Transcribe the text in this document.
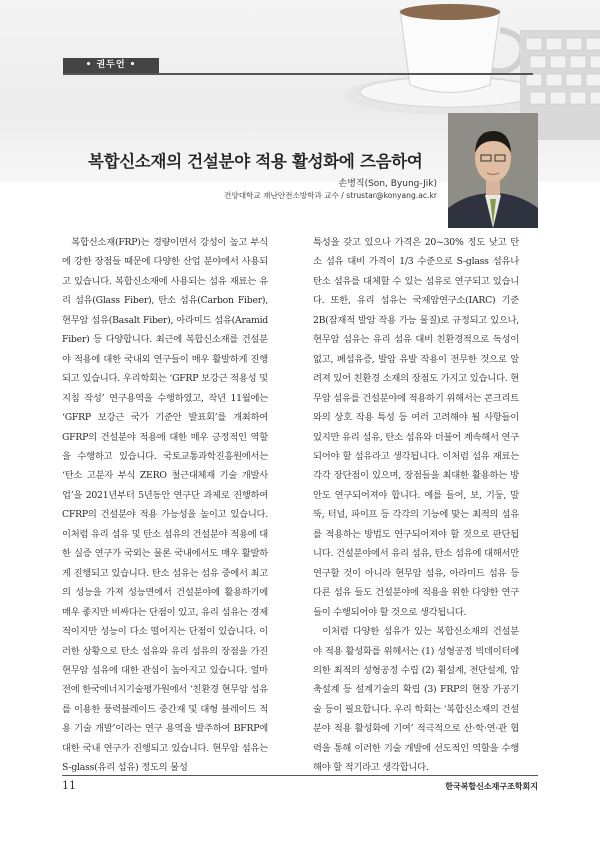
• 권두언 •
복합신소재의 건설분야 적용 활성화에 즈음하여
손병직(Son, Byung-Jik)
건양대학교 재난안전소방학과 교수 / strustar@konyang.ac.kr

복합신소재(FRP)는 경량이면서 강성이 높고 부식에 강한 장점들 때문에 다양한 산업 분야에서 사용되고 있습니다. 복합신소재에 사용되는 섬유 재료는 유리 섬유(Glass Fiber), 탄소 섬유(Carbon Fiber), 현무암 섬유(Basalt Fiber), 아라미드 섬유(Aramid Fiber) 등 다양합니다. 최근에 복합신소재를 건설분야 적용에 대한 국내외 연구들이 매우 활발하게 진행되고 있습니다. 우리학회는 ‘GFRP 보강근 적용성 및 지침 작성’ 연구용역을 수행하였고, 작년 11월에는 ‘GFRP 보강근 국가 기준안 발표회’를 개최하여 GFRP의 건설분야 적용에 대한 매우 긍정적인 역할을 수행하고 있습니다. 국토교통과학진흥원에서는 ‘탄소 고분자 부식 ZERO 철근대체재 기술 개발사업’을 2021년부터 5년동안 연구단 과제로 진행하여 CFRP의 건설분야 적용 가능성을 높이고 있습니다. 이처럼 유리 섬유 및 탄소 섬유의 건설분야 적용에 대한 실증 연구가 국외는 물론 국내에서도 매우 활발하게 진행되고 있습니다. 탄소 섬유는 섬유 중에서 최고의 성능을 가져 성능면에서 건설분야에 활용하기에 매우 좋지만 비싸다는 단점이 있고, 유리 섬유는 경제적이지만 성능이 다소 떨어지는 단점이 있습니다. 이러한 상황으로 탄소 섬유와 유리 섬유의 장점을 가진 현무암 섬유에 대한 관심이 높아지고 있습니다. 얼마전에 한국에너지기술평가원에서 ‘친환경 현무암 섬유를 이용한 풍력블레이드 중간재 및 대형 블레이드 적용 기술 개발’이라는 연구 용역을 발주하여 BFRP에 대한 국내 연구가 진행되고 있습니다. 현무암 섬유는 S-glass(유리 섬유) 정도의 물성

특성을 갖고 있으나 가격은 20~30% 정도 낮고 탄소 섬유 대비 가격이 1/3 수준으로 S-glass 섬유나 탄소 섬유를 대체할 수 있는 섬유로 연구되고 있습니다. 또한, 유리 섬유는 국제암연구소(IARC) 기준 2B(잠재적 발암 작용 가능 물질)로 규정되고 있으나, 현무암 섬유는 유리 섬유 대비 친환경적으로 독성이 없고, 폐섬유증, 발암 유발 작용이 전무한 것으로 알려져 있어 친환경 소재의 장점도 가지고 있습니다. 현무암 섬유를 건설분야에 적용하기 위해서는 콘크리트와의 상호 작용 특성 등 여러 고려해야 될 사항들이 있지만 유리 섬유, 탄소 섬유와 더불어 계속해서 연구되어야 할 섬유라고 생각됩니다. 이처럼 섬유 재료는 각각 장단점이 있으며, 장점들을 최대한 활용하는 방안도 연구되어져야 합니다. 예를 들어, 보, 기둥, 말뚝, 터널, 파이프 등 각각의 기능에 맞는 최적의 섬유를 적용하는 방법도 연구되어져야 할 것으로 판단됩니다. 건설분야에서 유리 섬유, 탄소 섬유에 대해서만 연구할 것이 아니라 현무암 섬유, 아라미드 섬유 등 다른 섬유 들도 건설분야에 적용을 위한 다양한 연구들이 수행되어야 할 것으로 생각됩니다.

이처럼 다양한 섬유가 있는 복합신소재의 건설분야 적용 활성화를 위해서는 (1) 성형공정 빅데이터에 의한 최적의 성형공정 수립 (2) 휨설계, 전단설계, 압축설계 등 설계기술의 확립 (3) FRP의 현장 가공기술 등이 필요합니다. 우리 학회는 ‘복합신소재의 건설분야 적용 활성화에 기여’ 적극적으로 산·학·연·관 협력을 통해 이러한 기술 개발에 선도적인 역할을 수행해야 할 적기라고 생각합니다.

11	한국복합신소재구조학회지
